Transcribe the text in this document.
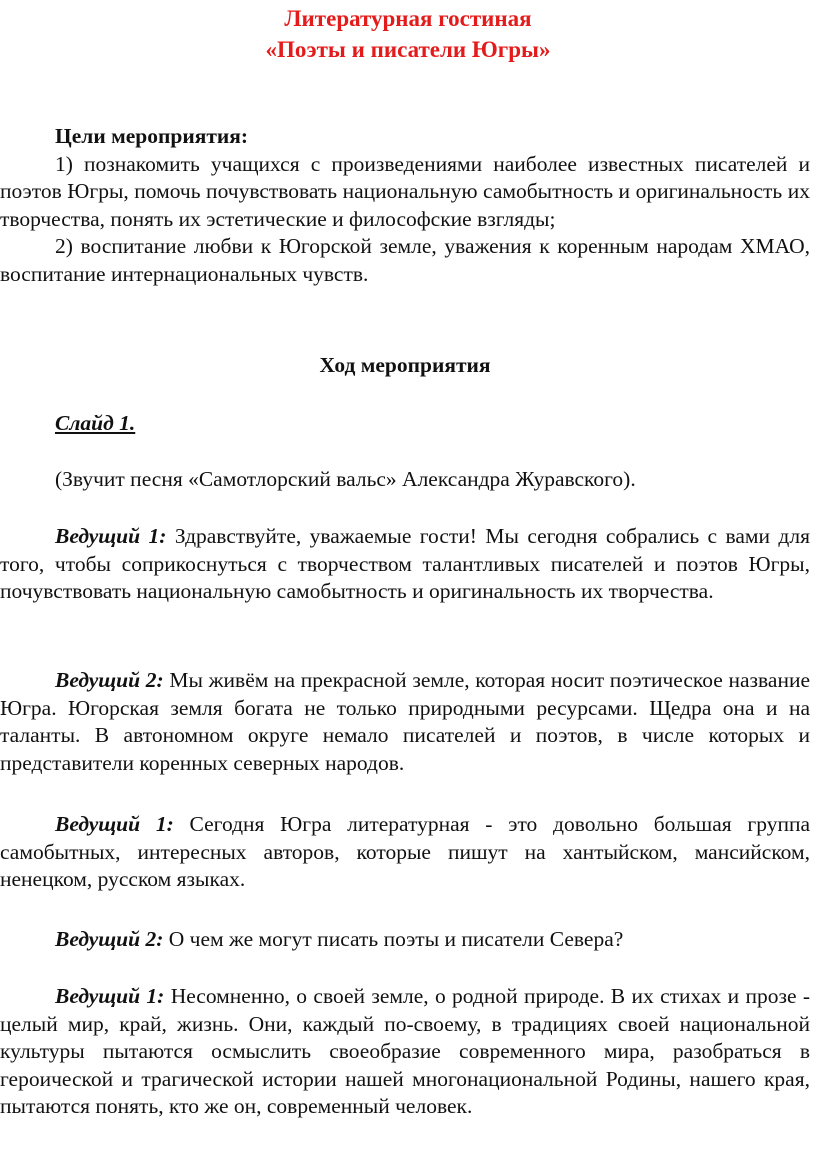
Литературная гостиная
«Поэты и писатели Югры»

Цели мероприятия:

1) познакомить учащихся с произведениями наиболее известных писателей и поэтов Югры, помочь почувствовать национальную самобытность и оригинальность их творчества, понять их эстетические и философские взгляды;

2) воспитание любви к Югорской земле, уважения к коренным народам ХМАО, воспитание интернациональных чувств.

Ход мероприятия

Слайд 1.

(Звучит песня «Самотлорский вальс» Александра Журавского).

Ведущий 1: Здравствуйте, уважаемые гости! Мы сегодня собрались с вами для того, чтобы соприкоснуться с творчеством талантливых писателей и поэтов Югры, почувствовать национальную самобытность и оригинальность их творчества.

Ведущий 2: Мы живём на прекрасной земле, которая носит поэтическое название Югра. Югорская земля богата не только природными ресурсами. Щедра она и на таланты. В автономном округе немало писателей и поэтов, в числе которых и представители коренных северных народов.

Ведущий 1: Сегодня Югра литературная - это довольно большая группа самобытных, интересных авторов, которые пишут на хантыйском, мансийском, ненецком, русском языках.

Ведущий 2: О чем же могут писать поэты и писатели Севера?

Ведущий 1: Несомненно, о своей земле, о родной природе. В их стихах и прозе - целый мир, край, жизнь. Они, каждый по-своему, в традициях своей национальной культуры пытаются осмыслить своеобразие современного мира, разобраться в героической и трагической истории нашей многонациональной Родины, нашего края, пытаются понять, кто же он, современный человек.
